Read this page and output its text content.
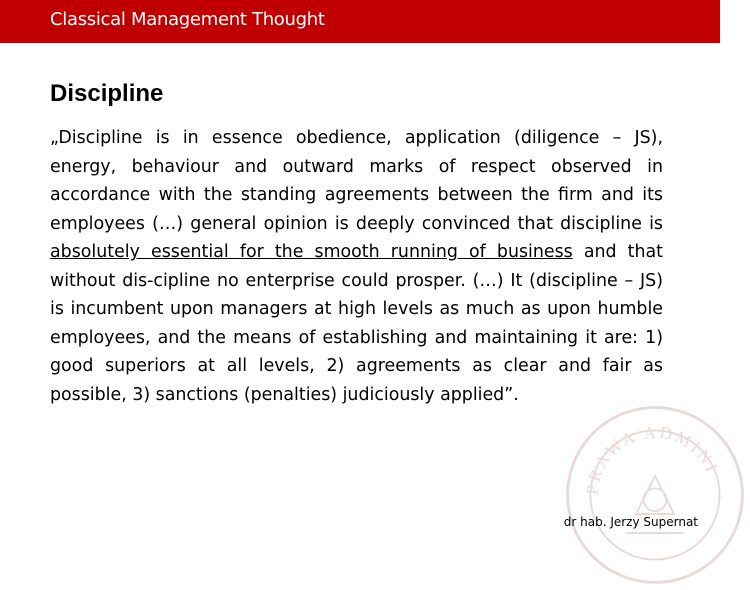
Classical Management Thought
Discipline

„Discipline is in essence obedience, application (diligence – JS), energy, behaviour and outward marks of respect observed in accordance with the standing agreements between the firm and its employees (…) general opinion is deeply convinced that discipline is absolutely essential for the smooth running of business and that without dis-cipline no enterprise could prosper. (…) It (discipline – JS) is incumbent upon managers at high levels as much as upon humble employees, and the means of establishing and maintaining it are: 1) good superiors at all levels, 2) agreements as clear and fair as possible, 3) sanctions (penalties) judiciously applied”.

PRAWA ADMINI
dr hab. Jerzy Supernat
